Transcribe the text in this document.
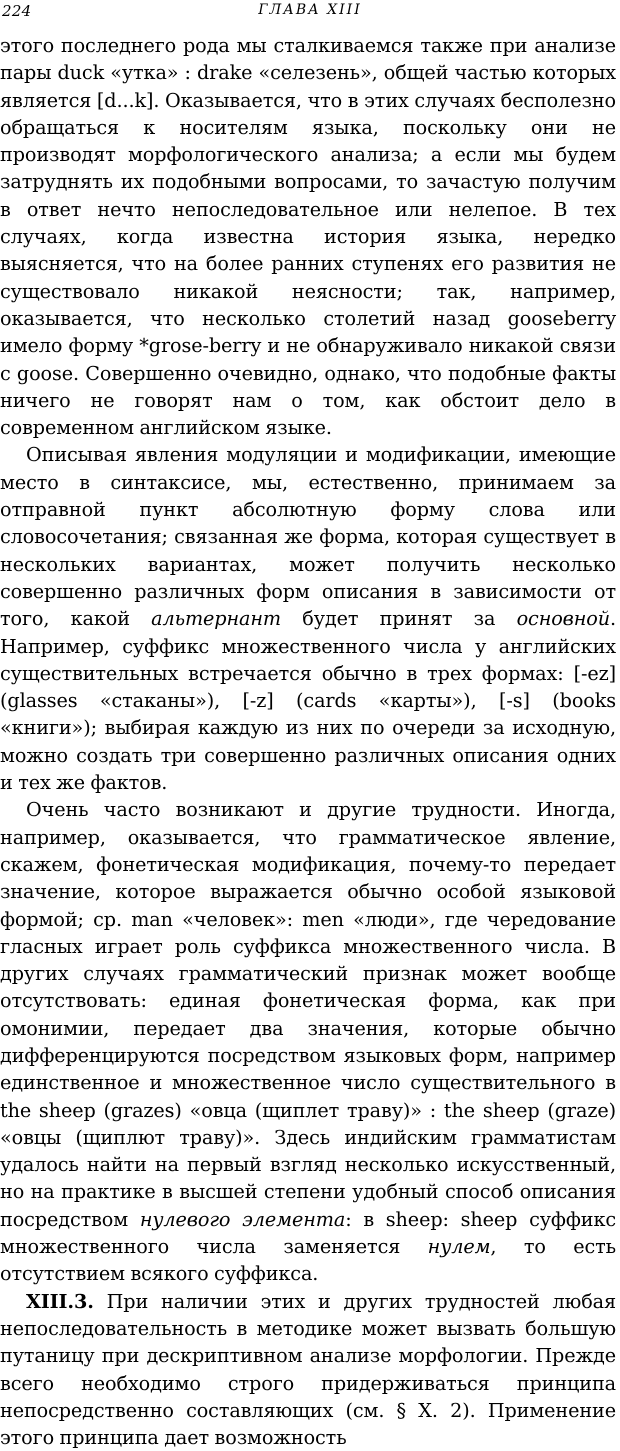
224	ГЛАВА XIII

этого последнего рода мы сталкиваемся также при анализе пары duck «утка» : drake «селезень», общей частью которых является [d...k]. Оказывается, что в этих случаях бесполезно обращаться к носителям языка, поскольку они не производят морфологического анализа; а если мы будем затруднять их подобными вопросами, то зачастую получим в ответ нечто непоследовательное или нелепое. В тех случаях, когда известна история языка, нередко выясняется, что на более ранних ступенях его развития не существовало никакой неясности; так, например, оказывается, что несколько столетий назад gooseberry имело форму *grose-berry и не обнаруживало никакой связи с goose. Совершенно очевидно, однако, что подобные факты ничего не говорят нам о том, как обстоит дело в современном английском языке.

Описывая явления модуляции и модификации, имеющие место в синтаксисе, мы, естественно, принимаем за отправной пункт абсолютную форму слова или словосочетания; связанная же форма, которая существует в нескольких вариантах, может получить несколько совершенно различных форм описания в зависимости от того, какой альтернант будет принят за основной. Например, суффикс множественного числа у английских существительных встречается обычно в трех формах: [-ez] (glasses «стаканы»), [-z] (cards «карты»), [-s] (books «книги»); выбирая каждую из них по очереди за исходную, можно создать три совершенно различных описания одних и тех же фактов.

Очень часто возникают и другие трудности. Иногда, например, оказывается, что грамматическое явление, скажем, фонетическая модификация, почему-то передает значение, которое выражается обычно особой языковой формой; ср. man «человек»: men «люди», где чередование гласных играет роль суффикса множественного числа. В других случаях грамматический признак может вообще отсутствовать: единая фонетическая форма, как при омонимии, передает два значения, которые обычно дифференцируются посредством языковых форм, например единственное и множественное число существительного в the sheep (grazes) «овца (щиплет траву)» : the sheep (graze) «овцы (щиплют траву)». Здесь индийским грамматистам удалось найти на первый взгляд несколько искусственный, но на практике в высшей степени удобный способ описания посредством нулевого элемента: в sheep: sheep суффикс множественного числа заменяется нулем, то есть отсутствием всякого суффикса.

XIII.3. При наличии этих и других трудностей любая непоследовательность в методике может вызвать большую путаницу при дескриптивном анализе морфологии. Прежде всего необходимо строго придерживаться принципа непосредственно составляющих (см. § X. 2). Применение этого принципа дает возможность
